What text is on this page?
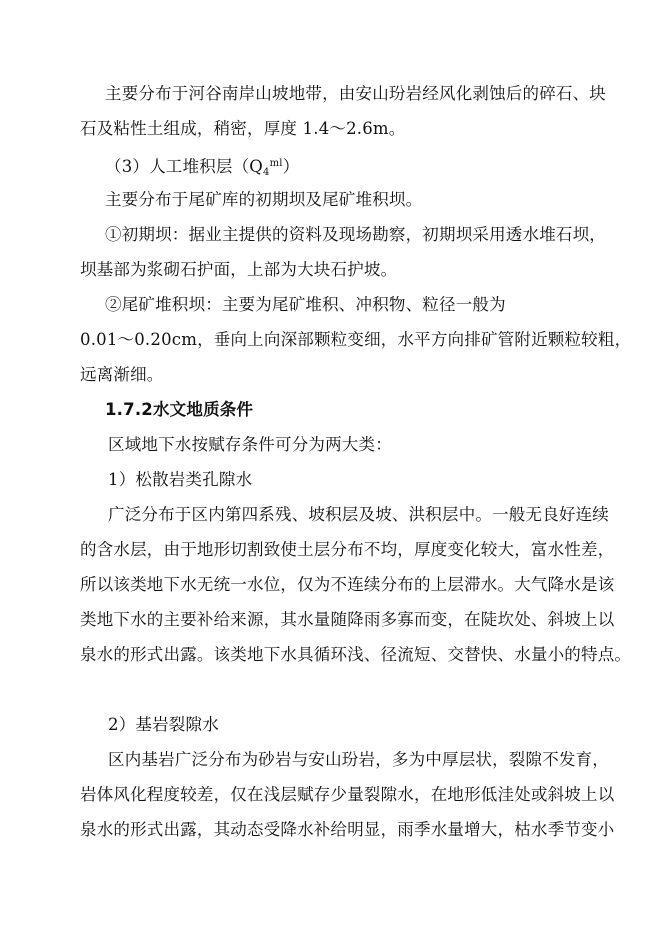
主要分布于河谷南岸山坡地带，由安山玢岩经风化剥蚀后的碎石、块
石及粘性土组成，稍密，厚度 1.4～2.6m。
（3）人工堆积层$(Q_4^{ml})$
主要分布于尾矿库的初期坝及尾矿堆积坝。
①初期坝：据业主提供的资料及现场勘察，初期坝采用透水堆石坝，
坝基部为浆砌石护面，上部为大块石护坡。
②尾矿堆积坝：主要为尾矿堆积、冲积物、粒径一般为
0.01～0.20cm，垂向上向深部颗粒变细，水平方向排矿管附近颗粒较粗，
远离渐细。
1.7.2水文地质条件
区域地下水按赋存条件可分为两大类：
1）松散岩类孔隙水
广泛分布于区内第四系残、坡积层及坡、洪积层中。一般无良好连续
的含水层，由于地形切割致使土层分布不均，厚度变化较大，富水性差，
所以该类地下水无统一水位，仅为不连续分布的上层滞水。大气降水是该
类地下水的主要补给来源，其水量随降雨多寡而变，在陡坎处、斜坡上以
泉水的形式出露。该类地下水具循环浅、径流短、交替快、水量小的特点。
2）基岩裂隙水
区内基岩广泛分布为砂岩与安山玢岩，多为中厚层状，裂隙不发育，
岩体风化程度较差，仅在浅层赋存少量裂隙水，在地形低洼处或斜坡上以
泉水的形式出露，其动态受降水补给明显，雨季水量增大，枯水季节变小
